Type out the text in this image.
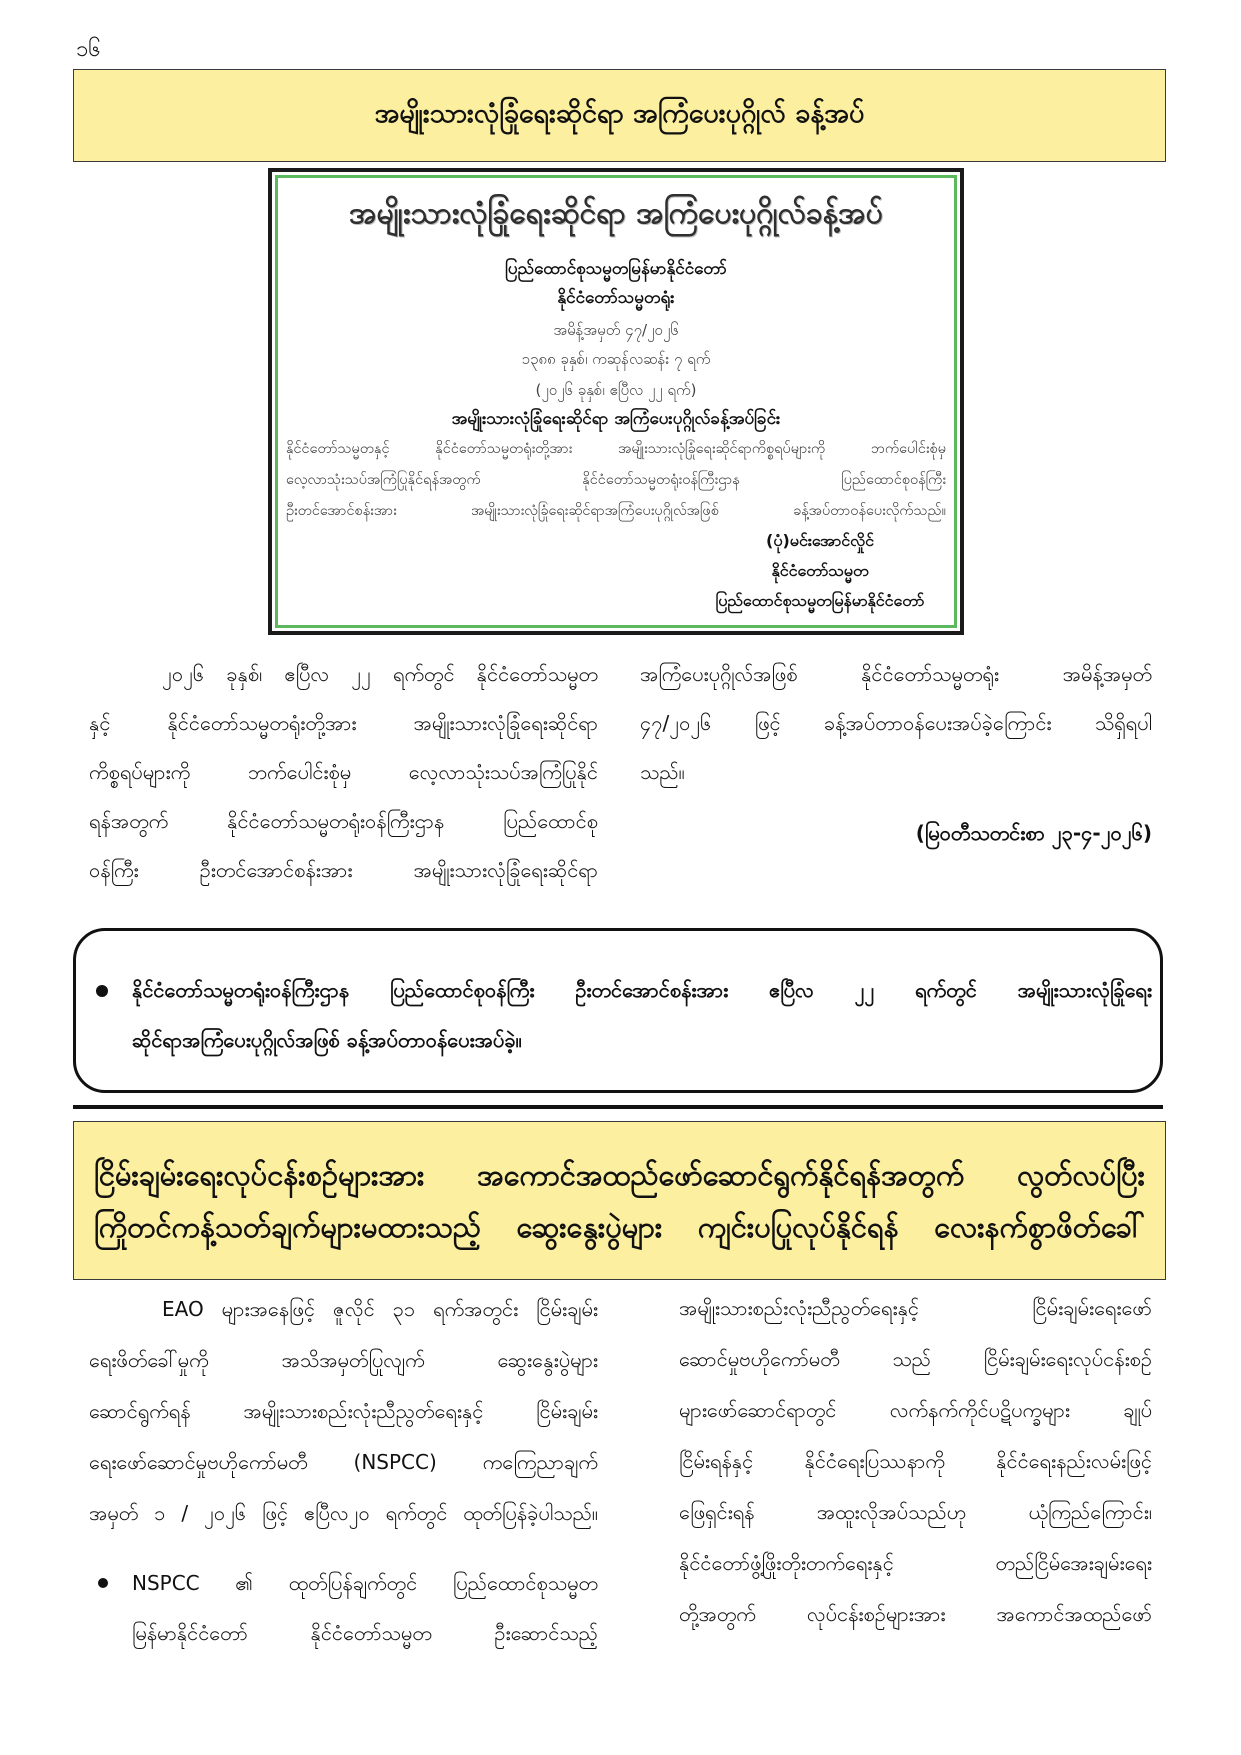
၁၆
အမျိုးသားလုံခြုံရေးဆိုင်ရာ အကြံပေးပုဂ္ဂိုလ် ခန့်အပ်
အမျိုးသားလုံခြုံရေးဆိုင်ရာ အကြံပေးပုဂ္ဂိုလ်ခန့်အပ်
ပြည်ထောင်စုသမ္မတမြန်မာနိုင်ငံတော်
နိုင်ငံတော်သမ္မတရုံး
အမိန့်အမှတ် ၄၇/၂၀၂၆
၁၃၈၈ ခုနှစ်၊ ကဆုန်လဆန်း ၇ ရက်
(၂၀၂၆ ခုနှစ်၊ ဧပြီလ ၂၂ ရက်)
အမျိုးသားလုံခြုံရေးဆိုင်ရာ အကြံပေးပုဂ္ဂိုလ်ခန့်အပ်ခြင်း
နိုင်ငံတော်သမ္မတနှင့် နိုင်ငံတော်သမ္မတရုံးတို့အား အမျိုးသားလုံခြုံရေးဆိုင်ရာကိစ္စရပ်များကို ဘက်ပေါင်းစုံမှ
လေ့လာသုံးသပ်အကြံပြုနိုင်ရန်အတွက် နိုင်ငံတော်သမ္မတရုံးဝန်ကြီးဌာန ပြည်ထောင်စုဝန်ကြီး
ဦးတင်အောင်စန်းအား အမျိုးသားလုံခြုံရေးဆိုင်ရာအကြံပေးပုဂ္ဂိုလ်အဖြစ် ခန့်အပ်တာဝန်ပေးလိုက်သည်။
(ပုံ)မင်းအောင်လှိုင်
နိုင်ငံတော်သမ္မတ
ပြည်ထောင်စုသမ္မတမြန်မာနိုင်ငံတော်
၂၀၂၆ ခုနှစ်၊ ဧပြီလ ၂၂ ရက်တွင် နိုင်ငံတော်သမ္မတ
နှင့် နိုင်ငံတော်သမ္မတရုံးတို့အား အမျိုးသားလုံခြုံရေးဆိုင်ရာ
ကိစ္စရပ်များကို ဘက်ပေါင်းစုံမှ လေ့လာသုံးသပ်အကြံပြုနိုင်
ရန်အတွက် နိုင်ငံတော်သမ္မတရုံးဝန်ကြီးဌာန ပြည်ထောင်စု
ဝန်ကြီး ဦးတင်အောင်စန်းအား အမျိုးသားလုံခြုံရေးဆိုင်ရာ
အကြံပေးပုဂ္ဂိုလ်အဖြစ် နိုင်ငံတော်သမ္မတရုံး အမိန့်အမှတ်
၄၇/၂၀၂၆ ဖြင့် ခန့်အပ်တာဝန်ပေးအပ်ခဲ့ကြောင်း သိရှိရပါ
သည်။
(မြဝတီသတင်းစာ ၂၃-၄-၂၀၂၆)
နိုင်ငံတော်သမ္မတရုံးဝန်ကြီးဌာန ပြည်ထောင်စုဝန်ကြီး ဦးတင်အောင်စန်းအား ဧပြီလ ၂၂ ရက်တွင် အမျိုးသားလုံခြုံရေး
ဆိုင်ရာအကြံပေးပုဂ္ဂိုလ်အဖြစ် ခန့်အပ်တာဝန်ပေးအပ်ခဲ့။
ငြိမ်းချမ်းရေးလုပ်ငန်းစဉ်များအား အကောင်အထည်ဖော်ဆောင်ရွက်နိုင်ရန်အတွက် လွတ်လပ်ပြီး
ကြိုတင်ကန့်သတ်ချက်များမထားသည့် ဆွေးနွေးပွဲများ ကျင်းပပြုလုပ်နိုင်ရန် လေးနက်စွာဖိတ်ခေါ်
EAO များအနေဖြင့် ဇူလိုင် ၃၁ ရက်အတွင်း ငြိမ်းချမ်း
ရေးဖိတ်ခေါ်မှုကို အသိအမှတ်ပြုလျက် ဆွေးနွေးပွဲများ
ဆောင်ရွက်ရန် အမျိုးသားစည်းလုံးညီညွတ်ရေးနှင့် ငြိမ်းချမ်း
ရေးဖော်ဆောင်မှုဗဟိုကော်မတီ (NSPCC) ကကြေညာချက်
အမှတ် ၁ / ၂၀၂၆ ဖြင့် ဧပြီလ၂၀ ရက်တွင် ထုတ်ပြန်ခဲ့ပါသည်။
NSPCC ၏ ထုတ်ပြန်ချက်တွင် ပြည်ထောင်စုသမ္မတ
မြန်မာနိုင်ငံတော် နိုင်ငံတော်သမ္မတ ဦးဆောင်သည့်
အမျိုးသားစည်းလုံးညီညွတ်ရေးနှင့် ငြိမ်းချမ်းရေးဖော်
ဆောင်မှုဗဟိုကော်မတီ သည် ငြိမ်းချမ်းရေးလုပ်ငန်းစဉ်
များဖော်ဆောင်ရာတွင် လက်နက်ကိုင်ပဋိပက္ခများ ချုပ်
ငြိမ်းရန်နှင့် နိုင်ငံရေးပြဿနာကို နိုင်ငံရေးနည်းလမ်းဖြင့်
ဖြေရှင်းရန် အထူးလိုအပ်သည်ဟု ယုံကြည်ကြောင်း၊
နိုင်ငံတော်ဖွံ့ဖြိုးတိုးတက်ရေးနှင့် တည်ငြိမ်အေးချမ်းရေး
တို့အတွက် လုပ်ငန်းစဉ်များအား အကောင်အထည်ဖော်
